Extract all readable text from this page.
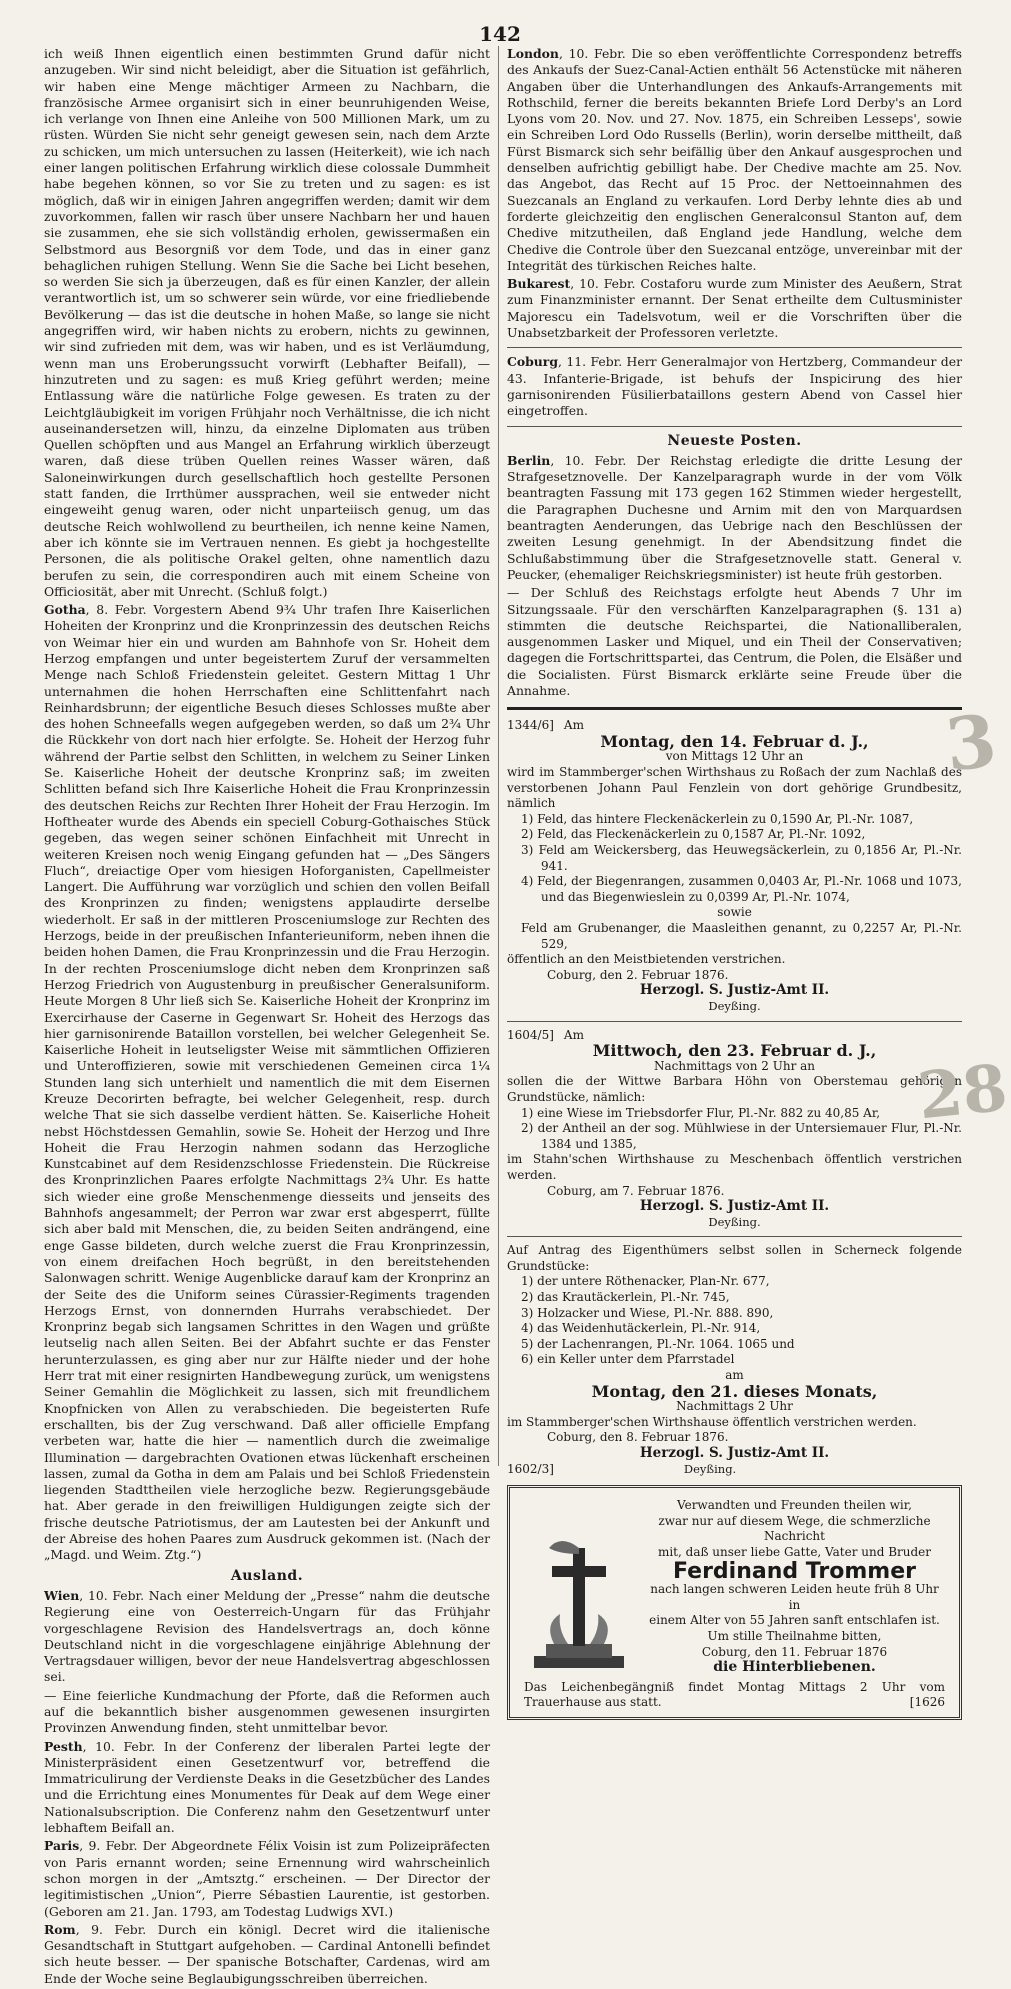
142

ich weiß Ihnen eigentlich einen bestimmten Grund dafür nicht anzugeben. Wir sind nicht beleidigt, aber die Situation ist gefährlich, wir haben eine Menge mächtiger Armeen zu Nachbarn, die französische Armee organisirt sich in einer beunruhigenden Weise, ich verlange von Ihnen eine Anleihe von 500 Millionen Mark, um zu rüsten. Würden Sie nicht sehr geneigt gewesen sein, nach dem Arzte zu schicken, um mich untersuchen zu lassen (Heiterkeit), wie ich nach einer langen politischen Erfahrung wirklich diese colossale Dummheit habe begehen können, so vor Sie zu treten und zu sagen: es ist möglich, daß wir in einigen Jahren angegriffen werden; damit wir dem zuvorkommen, fallen wir rasch über unsere Nachbarn her und hauen sie zusammen, ehe sie sich vollständig erholen, gewissermaßen ein Selbstmord aus Besorgniß vor dem Tode, und das in einer ganz behaglichen ruhigen Stellung. Wenn Sie die Sache bei Licht besehen, so werden Sie sich ja überzeugen, daß es für einen Kanzler, der allein verantwortlich ist, um so schwerer sein würde, vor eine friedliebende Bevölkerung — das ist die deutsche in hohen Maße, so lange sie nicht angegriffen wird, wir haben nichts zu erobern, nichts zu gewinnen, wir sind zufrieden mit dem, was wir haben, und es ist Verläumdung, wenn man uns Eroberungssucht vorwirft (Lebhafter Beifall), — hinzutreten und zu sagen: es muß Krieg geführt werden; meine Entlassung wäre die natürliche Folge gewesen. Es traten zu der Leichtgläubigkeit im vorigen Frühjahr noch Verhältnisse, die ich nicht auseinandersetzen will, hinzu, da einzelne Diplomaten aus trüben Quellen schöpften und aus Mangel an Erfahrung wirklich überzeugt waren, daß diese trüben Quellen reines Wasser wären, daß Saloneinwirkungen durch gesellschaftlich hoch gestellte Personen statt fanden, die Irrthümer aussprachen, weil sie entweder nicht eingeweiht genug waren, oder nicht unparteiisch genug, um das deutsche Reich wohlwollend zu beurtheilen, ich nenne keine Namen, aber ich könnte sie im Vertrauen nennen. Es giebt ja hochgestellte Personen, die als politische Orakel gelten, ohne namentlich dazu berufen zu sein, die correspondiren auch mit einem Scheine von Officiosität, aber mit Unrecht. (Schluß folgt.)

Gotha, 8. Febr. Vorgestern Abend 9¾ Uhr trafen Ihre Kaiserlichen Hoheiten der Kronprinz und die Kronprinzessin des deutschen Reichs von Weimar hier ein und wurden am Bahnhofe von Sr. Hoheit dem Herzog empfangen und unter begeistertem Zuruf der versammelten Menge nach Schloß Friedenstein geleitet. Gestern Mittag 1 Uhr unternahmen die hohen Herrschaften eine Schlittenfahrt nach Reinhardsbrunn; der eigentliche Besuch dieses Schlosses mußte aber des hohen Schneefalls wegen aufgegeben werden, so daß um 2¾ Uhr die Rückkehr von dort nach hier erfolgte. Se. Hoheit der Herzog fuhr während der Partie selbst den Schlitten, in welchem zu Seiner Linken Se. Kaiserliche Hoheit der deutsche Kronprinz saß; im zweiten Schlitten befand sich Ihre Kaiserliche Hoheit die Frau Kronprinzessin des deutschen Reichs zur Rechten Ihrer Hoheit der Frau Herzogin. Im Hoftheater wurde des Abends ein speciell Coburg-Gothaisches Stück gegeben, das wegen seiner schönen Einfachheit mit Unrecht in weiteren Kreisen noch wenig Eingang gefunden hat — „Des Sängers Fluch“, dreiactige Oper vom hiesigen Hoforganisten, Capellmeister Langert. Die Aufführung war vorzüglich und schien den vollen Beifall des Kronprinzen zu finden; wenigstens applaudirte derselbe wiederholt. Er saß in der mittleren Prosceniumsloge zur Rechten des Herzogs, beide in der preußischen Infanterieuniform, neben ihnen die beiden hohen Damen, die Frau Kronprinzessin und die Frau Herzogin. In der rechten Prosceniumsloge dicht neben dem Kronprinzen saß Herzog Friedrich von Augustenburg in preußischer Generalsuniform. Heute Morgen 8 Uhr ließ sich Se. Kaiserliche Hoheit der Kronprinz im Exercirhause der Caserne in Gegenwart Sr. Hoheit des Herzogs das hier garnisonirende Bataillon vorstellen, bei welcher Gelegenheit Se. Kaiserliche Hoheit in leutseligster Weise mit sämmtlichen Offizieren und Unteroffizieren, sowie mit verschiedenen Gemeinen circa 1¼ Stunden lang sich unterhielt und namentlich die mit dem Eisernen Kreuze Decorirten befragte, bei welcher Gelegenheit, resp. durch welche That sie sich dasselbe verdient hätten. Se. Kaiserliche Hoheit nebst Höchstdessen Gemahlin, sowie Se. Hoheit der Herzog und Ihre Hoheit die Frau Herzogin nahmen sodann das Herzogliche Kunstcabinet auf dem Residenzschlosse Friedenstein. Die Rückreise des Kronprinzlichen Paares erfolgte Nachmittags 2¾ Uhr. Es hatte sich wieder eine große Menschenmenge diesseits und jenseits des Bahnhofs angesammelt; der Perron war zwar erst abgesperrt, füllte sich aber bald mit Menschen, die, zu beiden Seiten andrängend, eine enge Gasse bildeten, durch welche zuerst die Frau Kronprinzessin, von einem dreifachen Hoch begrüßt, in den bereitstehenden Salonwagen schritt. Wenige Augenblicke darauf kam der Kronprinz an der Seite des die Uniform seines Cürassier-Regiments tragenden Herzogs Ernst, von donnernden Hurrahs verabschiedet. Der Kronprinz begab sich langsamen Schrittes in den Wagen und grüßte leutselig nach allen Seiten. Bei der Abfahrt suchte er das Fenster herunterzulassen, es ging aber nur zur Hälfte nieder und der hohe Herr trat mit einer resignirten Handbewegung zurück, um wenigstens Seiner Gemahlin die Möglichkeit zu lassen, sich mit freundlichem Knopfnicken von Allen zu verabschieden. Die begeisterten Rufe erschallten, bis der Zug verschwand. Daß aller officielle Empfang verbeten war, hatte die hier — namentlich durch die zweimalige Illumination — dargebrachten Ovationen etwas lückenhaft erscheinen lassen, zumal da Gotha in dem am Palais und bei Schloß Friedenstein liegenden Stadttheilen viele herzogliche bezw. Regierungsgebäude hat. Aber gerade in den freiwilligen Huldigungen zeigte sich der frische deutsche Patriotismus, der am Lautesten bei der Ankunft und der Abreise des hohen Paares zum Ausdruck gekommen ist. (Nach der „Magd. und Weim. Ztg.“)

Ausland.

Wien, 10. Febr. Nach einer Meldung der „Presse“ nahm die deutsche Regierung eine von Oesterreich-Ungarn für das Frühjahr vorgeschlagene Revision des Handelsvertrags an, doch könne Deutschland nicht in die vorgeschlagene einjährige Ablehnung der Vertragsdauer willigen, bevor der neue Handelsvertrag abgeschlossen sei.

— Eine feierliche Kundmachung der Pforte, daß die Reformen auch auf die bekanntlich bisher ausgenommen gewesenen insurgirten Provinzen Anwendung finden, steht unmittelbar bevor.

Pesth, 10. Febr. In der Conferenz der liberalen Partei legte der Ministerpräsident einen Gesetzentwurf vor, betreffend die Immatriculirung der Verdienste Deaks in die Gesetzbücher des Landes und die Errichtung eines Monumentes für Deak auf dem Wege einer Nationalsubscription. Die Conferenz nahm den Gesetzentwurf unter lebhaftem Beifall an.

Paris, 9. Febr. Der Abgeordnete Félix Voisin ist zum Polizeipräfecten von Paris ernannt worden; seine Ernennung wird wahrscheinlich schon morgen in der „Amtsztg.“ erscheinen. — Der Director der legitimistischen „Union“, Pierre Sébastien Laurentie, ist gestorben. (Geboren am 21. Jan. 1793, am Todestag Ludwigs XVI.)

Rom, 9. Febr. Durch ein königl. Decret wird die italienische Gesandtschaft in Stuttgart aufgehoben. — Cardinal Antonelli befindet sich heute besser. — Der spanische Botschafter, Cardenas, wird am Ende der Woche seine Beglaubigungsschreiben überreichen.

London, 10. Febr. Die so eben veröffentlichte Correspondenz betreffs des Ankaufs der Suez-Canal-Actien enthält 56 Actenstücke mit näheren Angaben über die Unterhandlungen des Ankaufs-Arrangements mit Rothschild, ferner die bereits bekannten Briefe Lord Derby's an Lord Lyons vom 20. Nov. und 27. Nov. 1875, ein Schreiben Lesseps', sowie ein Schreiben Lord Odo Russells (Berlin), worin derselbe mittheilt, daß Fürst Bismarck sich sehr beifällig über den Ankauf ausgesprochen und denselben aufrichtig gebilligt habe. Der Chedive machte am 25. Nov. das Angebot, das Recht auf 15 Proc. der Nettoeinnahmen des Suezcanals an England zu verkaufen. Lord Derby lehnte dies ab und forderte gleichzeitig den englischen Generalconsul Stanton auf, dem Chedive mitzutheilen, daß England jede Handlung, welche dem Chedive die Controle über den Suezcanal entzöge, unvereinbar mit der Integrität des türkischen Reiches halte.

Bukarest, 10. Febr. Costaforu wurde zum Minister des Aeußern, Strat zum Finanzminister ernannt. Der Senat ertheilte dem Cultusminister Majorescu ein Tadelsvotum, weil er die Vorschriften über die Unabsetzbarkeit der Professoren verletzte.

Coburg, 11. Febr. Herr Generalmajor von Hertzberg, Commandeur der 43. Infanterie-Brigade, ist behufs der Inspicirung des hier garnisonirenden Füsilierbataillons gestern Abend von Cassel hier eingetroffen.

Neueste Posten.

Berlin, 10. Febr. Der Reichstag erledigte die dritte Lesung der Strafgesetznovelle. Der Kanzelparagraph wurde in der vom Völk beantragten Fassung mit 173 gegen 162 Stimmen wieder hergestellt, die Paragraphen Duchesne und Arnim mit den von Marquardsen beantragten Aenderungen, das Uebrige nach den Beschlüssen der zweiten Lesung genehmigt. In der Abendsitzung findet die Schlußabstimmung über die Strafgesetznovelle statt. General v. Peucker, (ehemaliger Reichskriegsminister) ist heute früh gestorben.

— Der Schluß des Reichstags erfolgte heut Abends 7 Uhr im Sitzungssaale. Für den verschärften Kanzelparagraphen (§. 131 a) stimmten die deutsche Reichspartei, die Nationalliberalen, ausgenommen Lasker und Miquel, und ein Theil der Conservativen; dagegen die Fortschrittspartei, das Centrum, die Polen, die Elsäßer und die Socialisten. Fürst Bismarck erklärte seine Freude über die Annahme.

1344/6] Am
Montag, den 14. Februar d. J.,
von Mittags 12 Uhr an

wird im Stammberger'schen Wirthshaus zu Roßach der zum Nachlaß des verstorbenen Johann Paul Fenzlein von dort gehörige Grundbesitz, nämlich

1) Feld, das hintere Fleckenäckerlein zu 0,1590 Ar, Pl.-Nr. 1087,
2) Feld, das Fleckenäckerlein zu 0,1587 Ar, Pl.-Nr. 1092,
3) Feld am Weickersberg, das Heuwegsäckerlein, zu 0,1856 Ar, Pl.-Nr. 941.
4) Feld, der Biegenrangen, zusammen 0,0403 Ar, Pl.-Nr. 1068 und 1073, und das Biegenwieslein zu 0,0399 Ar, Pl.-Nr. 1074,
sowie
Feld am Grubenanger, die Maasleithen genannt, zu 0,2257 Ar, Pl.-Nr. 529,

öffentlich an den Meistbietenden verstrichen.

Coburg, den 2. Februar 1876.
Herzogl. S. Justiz-Amt II.
Deyßing.
1604/5] Am
Mittwoch, den 23. Februar d. J.,
Nachmittags von 2 Uhr an

sollen die der Wittwe Barbara Höhn von Oberstemau gehörigen Grundstücke, nämlich:

1) eine Wiese im Triebsdorfer Flur, Pl.-Nr. 882 zu 40,85 Ar,
2) der Antheil an der sog. Mühlwiese in der Untersiemauer Flur, Pl.-Nr. 1384 und 1385,

im Stahn'schen Wirthshause zu Meschenbach öffentlich verstrichen werden.

Coburg, am 7. Februar 1876.
Herzogl. S. Justiz-Amt II.
Deyßing.

Auf Antrag des Eigenthümers selbst sollen in Scherneck folgende Grundstücke:

1) der untere Röthenacker, Plan-Nr. 677,
2) das Krautäckerlein, Pl.-Nr. 745,
3) Holzacker und Wiese, Pl.-Nr. 888. 890,
4) das Weidenhutäckerlein, Pl.-Nr. 914,
5) der Lachenrangen, Pl.-Nr. 1064. 1065 und
6) ein Keller unter dem Pfarrstadel
am
Montag, den 21. dieses Monats,
Nachmittags 2 Uhr

im Stammberger'schen Wirthshause öffentlich verstrichen werden.

Coburg, den 8. Februar 1876.
Herzogl. S. Justiz-Amt II.
1602/3]	Deyßing.
Verwandten und Freunden theilen wir,
zwar nur auf diesem Wege, die schmerzliche Nachricht
mit, daß unser liebe Gatte, Vater und Bruder
Ferdinand Trommer
nach langen schweren Leiden heute früh 8 Uhr in
einem Alter von 55 Jahren sanft entschlafen ist.
Um stille Theilnahme bitten,
Coburg, den 11. Februar 1876
die Hinterbliebenen.
Das Leichenbegängniß findet Montag Mittags 2 Uhr vom Trauerhause aus statt.	[1626
3
28
